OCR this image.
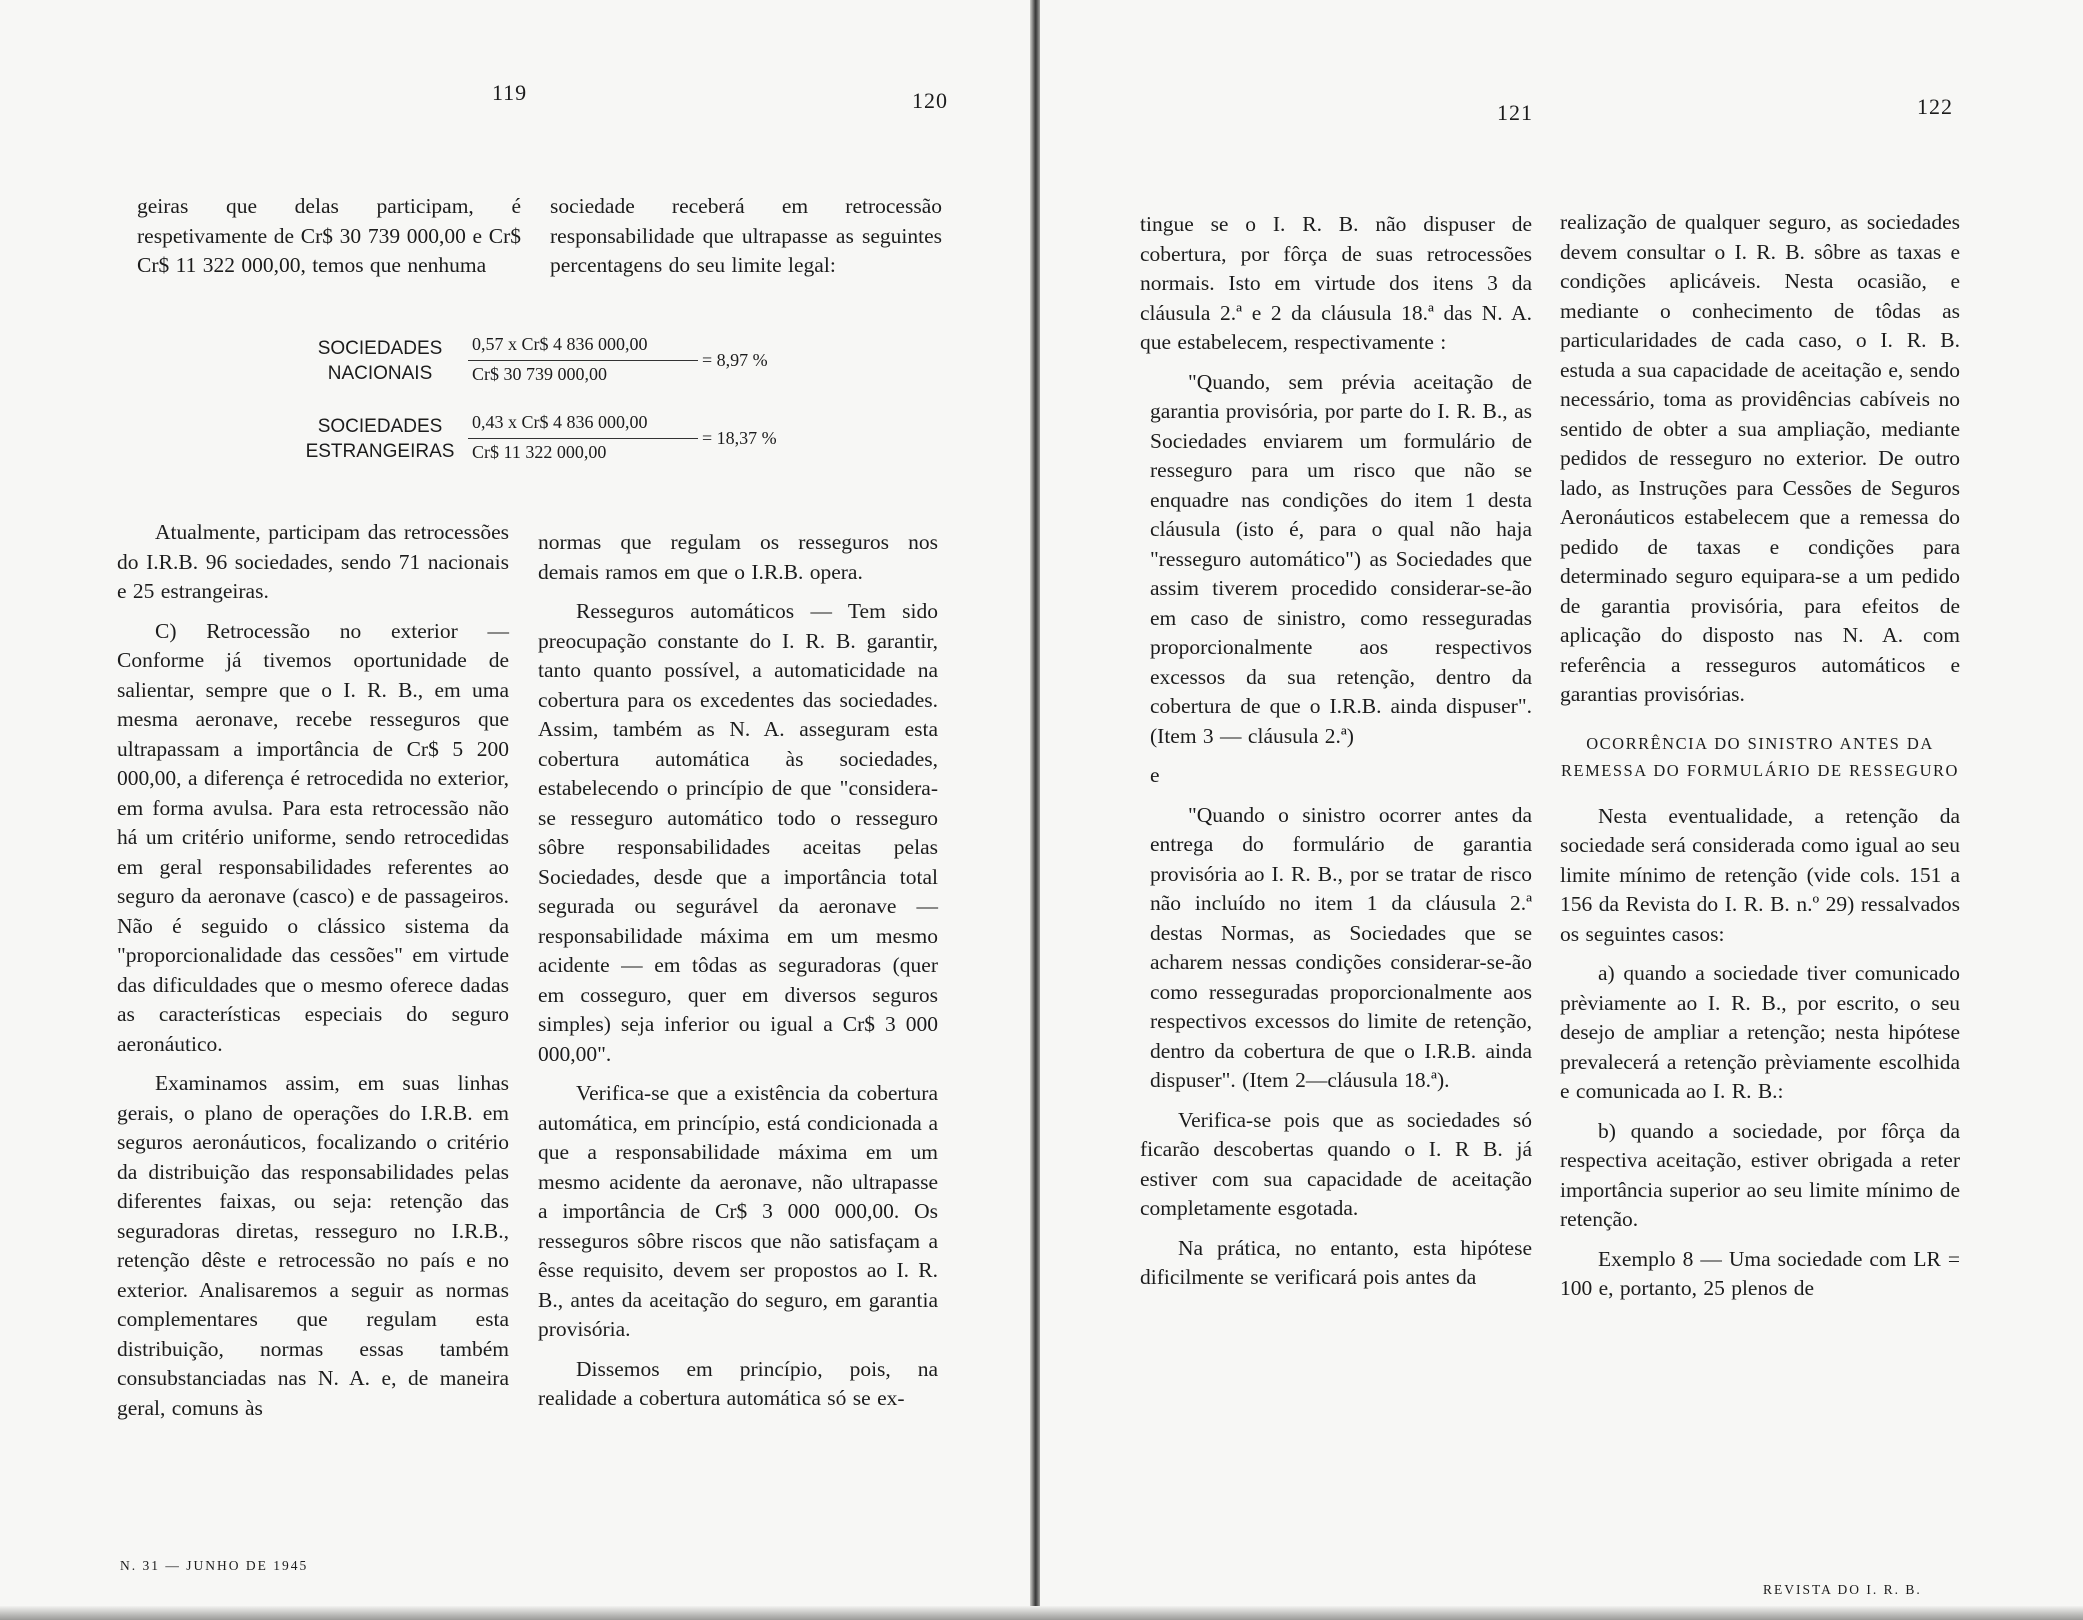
119	120

geiras que delas participam, é respetivamente de Cr$ 30 739 000,00 e Cr$ Cr$ 11 322 000,00, temos que nenhuma

sociedade receberá em retrocessão responsabilidade que ultrapasse as seguintes percentagens do seu limite legal:

SOCIEDADES NACIONAIS
0,57 x Cr$ 4 836 000,00
Cr$ 30 739 000,00
= 8,97 %
SOCIEDADES ESTRANGEIRAS
0,43 x Cr$ 4 836 000,00
Cr$ 11 322 000,00
= 18,37 %

Atualmente, participam das retrocessões do I.R.B. 96 sociedades, sendo 71 nacionais e 25 estrangeiras.

C) Retrocessão no exterior — Conforme já tivemos oportunidade de salientar, sempre que o I. R. B., em uma mesma aeronave, recebe resseguros que ultrapassam a importância de Cr$ 5 200 000,00, a diferença é retrocedida no exterior, em forma avulsa. Para esta retrocessão não há um critério uniforme, sendo retrocedidas em geral responsabilidades referentes ao seguro da aeronave (casco) e de passageiros. Não é seguido o clássico sistema da "proporcionalidade das cessões" em virtude das dificuldades que o mesmo oferece dadas as características especiais do seguro aeronáutico.

Examinamos assim, em suas linhas gerais, o plano de operações do I.R.B. em seguros aeronáuticos, focalizando o critério da distribuição das responsabilidades pelas diferentes faixas, ou seja: retenção das seguradoras diretas, resseguro no I.R.B., retenção dêste e retrocessão no país e no exterior. Analisaremos a seguir as normas complementares que regulam esta distribuição, normas essas também consubstanciadas nas N. A. e, de maneira geral, comuns às

normas que regulam os resseguros nos demais ramos em que o I.R.B. opera.

Resseguros automáticos — Tem sido preocupação constante do I. R. B. garantir, tanto quanto possível, a automaticidade na cobertura para os excedentes das sociedades. Assim, também as N. A. asseguram esta cobertura automática às sociedades, estabelecendo o princípio de que "considera-se resseguro automático todo o resseguro sôbre responsabilidades aceitas pelas Sociedades, desde que a importância total segurada ou segurável da aeronave — responsabilidade máxima em um mesmo acidente — em tôdas as seguradoras (quer em cosseguro, quer em diversos seguros simples) seja inferior ou igual a Cr$ 3 000 000,00".

Verifica-se que a existência da cobertura automática, em princípio, está condicionada a que a responsabilidade máxima em um mesmo acidente da aeronave, não ultrapasse a importância de Cr$ 3 000 000,00. Os resseguros sôbre riscos que não satisfaçam a êsse requisito, devem ser propostos ao I. R. B., antes da aceitação do seguro, em garantia provisória.

Dissemos em princípio, pois, na realidade a cobertura automática só se ex-

N. 31 — JUNHO DE 1945
121	122

tingue se o I. R. B. não dispuser de cobertura, por fôrça de suas retrocessões normais. Isto em virtude dos itens 3 da cláusula 2.ª e 2 da cláusula 18.ª das N. A. que estabelecem, respectivamente :

"Quando, sem prévia aceitação de garantia provisória, por parte do I. R. B., as Sociedades enviarem um formulário de resseguro para um risco que não se enquadre nas condições do item 1 desta cláusula (isto é, para o qual não haja "resseguro automático") as Sociedades que assim tiverem procedido considerar-se-ão em caso de sinistro, como resseguradas proporcionalmente aos respectivos excessos da sua retenção, dentro da cobertura de que o I.R.B. ainda dispuser". (Item 3 — cláusula 2.ª)

e

"Quando o sinistro ocorrer antes da entrega do formulário de garantia provisória ao I. R. B., por se tratar de risco não incluído no item 1 da cláusula 2.ª destas Normas, as Sociedades que se acharem nessas condições considerar-se-ão como resseguradas proporcionalmente aos respectivos excessos do limite de retenção, dentro da cobertura de que o I.R.B. ainda dispuser". (Item 2—cláusula 18.ª).

Verifica-se pois que as sociedades só ficarão descobertas quando o I. R B. já estiver com sua capacidade de aceitação completamente esgotada.

Na prática, no entanto, esta hipótese dificilmente se verificará pois antes da

realização de qualquer seguro, as sociedades devem consultar o I. R. B. sôbre as taxas e condições aplicáveis. Nesta ocasião, e mediante o conhecimento de tôdas as particularidades de cada caso, o I. R. B. estuda a sua capacidade de aceitação e, sendo necessário, toma as providências cabíveis no sentido de obter a sua ampliação, mediante pedidos de resseguro no exterior. De outro lado, as Instruções para Cessões de Seguros Aeronáuticos estabelecem que a remessa do pedido de taxas e condições para determinado seguro equipara-se a um pedido de garantia provisória, para efeitos de aplicação do disposto nas N. A. com referência a resseguros automáticos e garantias provisórias.

OCORRÊNCIA DO SINISTRO ANTES DA REMESSA DO FORMULÁRIO DE RESSEGURO

Nesta eventualidade, a retenção da sociedade será considerada como igual ao seu limite mínimo de retenção (vide cols. 151 a 156 da Revista do I. R. B. n.º 29) ressalvados os seguintes casos:

a) quando a sociedade tiver comunicado prèviamente ao I. R. B., por escrito, o seu desejo de ampliar a retenção; nesta hipótese prevalecerá a retenção prèviamente escolhida e comunicada ao I. R. B.:

b) quando a sociedade, por fôrça da respectiva aceitação, estiver obrigada a reter importância superior ao seu limite mínimo de retenção.

Exemplo 8 — Uma sociedade com LR = 100 e, portanto, 25 plenos de

REVISTA DO I. R. B.
